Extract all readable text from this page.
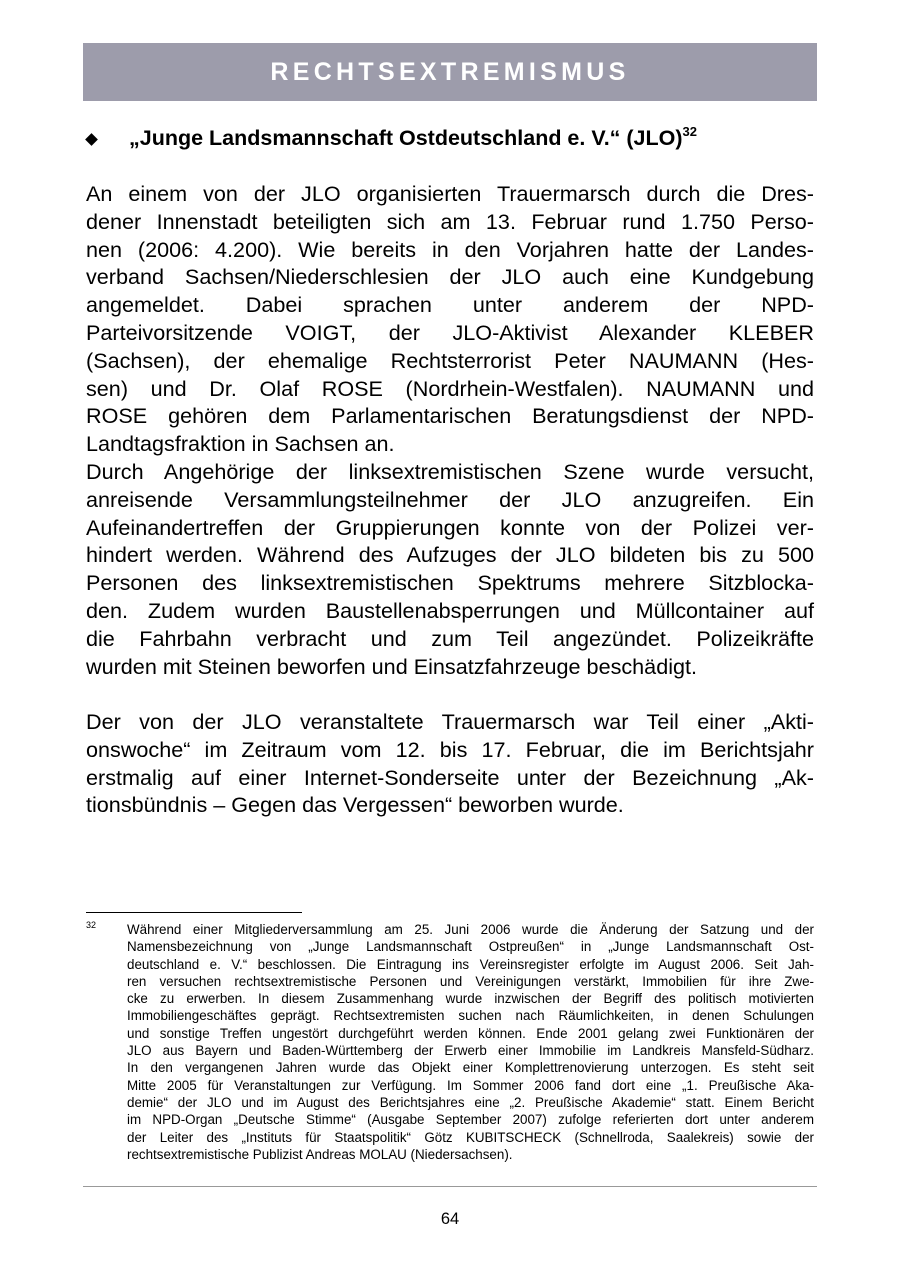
RECHTSEXTREMISMUS
„Junge Landsmannschaft Ostdeutschland e. V.“ (JLO)$^{32}$
An einem von der JLO organisierten Trauermarsch durch die Dres-
dener Innenstadt beteiligten sich am 13. Februar rund 1.750 Perso-
nen (2006: 4.200). Wie bereits in den Vorjahren hatte der Landes-
verband Sachsen/Niederschlesien der JLO auch eine Kundgebung
angemeldet. Dabei sprachen unter anderem der NPD-
Parteivorsitzende VOIGT, der JLO-Aktivist Alexander KLEBER
(Sachsen), der ehemalige Rechtsterrorist Peter NAUMANN (Hes-
sen) und Dr. Olaf ROSE (Nordrhein-Westfalen). NAUMANN und
ROSE gehören dem Parlamentarischen Beratungsdienst der NPD-
Landtagsfraktion in Sachsen an.
Durch Angehörige der linksextremistischen Szene wurde versucht,
anreisende Versammlungsteilnehmer der JLO anzugreifen. Ein
Aufeinandertreffen der Gruppierungen konnte von der Polizei ver-
hindert werden. Während des Aufzuges der JLO bildeten bis zu 500
Personen des linksextremistischen Spektrums mehrere Sitzblocka-
den. Zudem wurden Baustellenabsperrungen und Müllcontainer auf
die Fahrbahn verbracht und zum Teil angezündet. Polizeikräfte
wurden mit Steinen beworfen und Einsatzfahrzeuge beschädigt.
Der von der JLO veranstaltete Trauermarsch war Teil einer „Akti-
onswoche“ im Zeitraum vom 12. bis 17. Februar, die im Berichtsjahr
erstmalig auf einer Internet-Sonderseite unter der Bezeichnung „Ak-
tionsbündnis – Gegen das Vergessen“ beworben wurde.
32 Während einer Mitgliederversammlung am 25. Juni 2006 wurde die Änderung der Satzung und der
Namensbezeichnung von „Junge Landsmannschaft Ostpreußen“ in „Junge Landsmannschaft Ost-
deutschland e. V.“ beschlossen. Die Eintragung ins Vereinsregister erfolgte im August 2006. Seit Jah-
ren versuchen rechtsextremistische Personen und Vereinigungen verstärkt, Immobilien für ihre Zwe-
cke zu erwerben. In diesem Zusammenhang wurde inzwischen der Begriff des politisch motivierten
Immobiliengeschäftes geprägt. Rechtsextremisten suchen nach Räumlichkeiten, in denen Schulungen
und sonstige Treffen ungestört durchgeführt werden können. Ende 2001 gelang zwei Funktionären der
JLO aus Bayern und Baden-Württemberg der Erwerb einer Immobilie im Landkreis Mansfeld-Südharz.
In den vergangenen Jahren wurde das Objekt einer Komplettrenovierung unterzogen. Es steht seit
Mitte 2005 für Veranstaltungen zur Verfügung. Im Sommer 2006 fand dort eine „1. Preußische Aka-
demie“ der JLO und im August des Berichtsjahres eine „2. Preußische Akademie“ statt. Einem Bericht
im NPD-Organ „Deutsche Stimme“ (Ausgabe September 2007) zufolge referierten dort unter anderem
der Leiter des „Instituts für Staatspolitik“ Götz KUBITSCHECK (Schnellroda, Saalekreis) sowie der
rechtsextremistische Publizist Andreas MOLAU (Niedersachsen).
64
